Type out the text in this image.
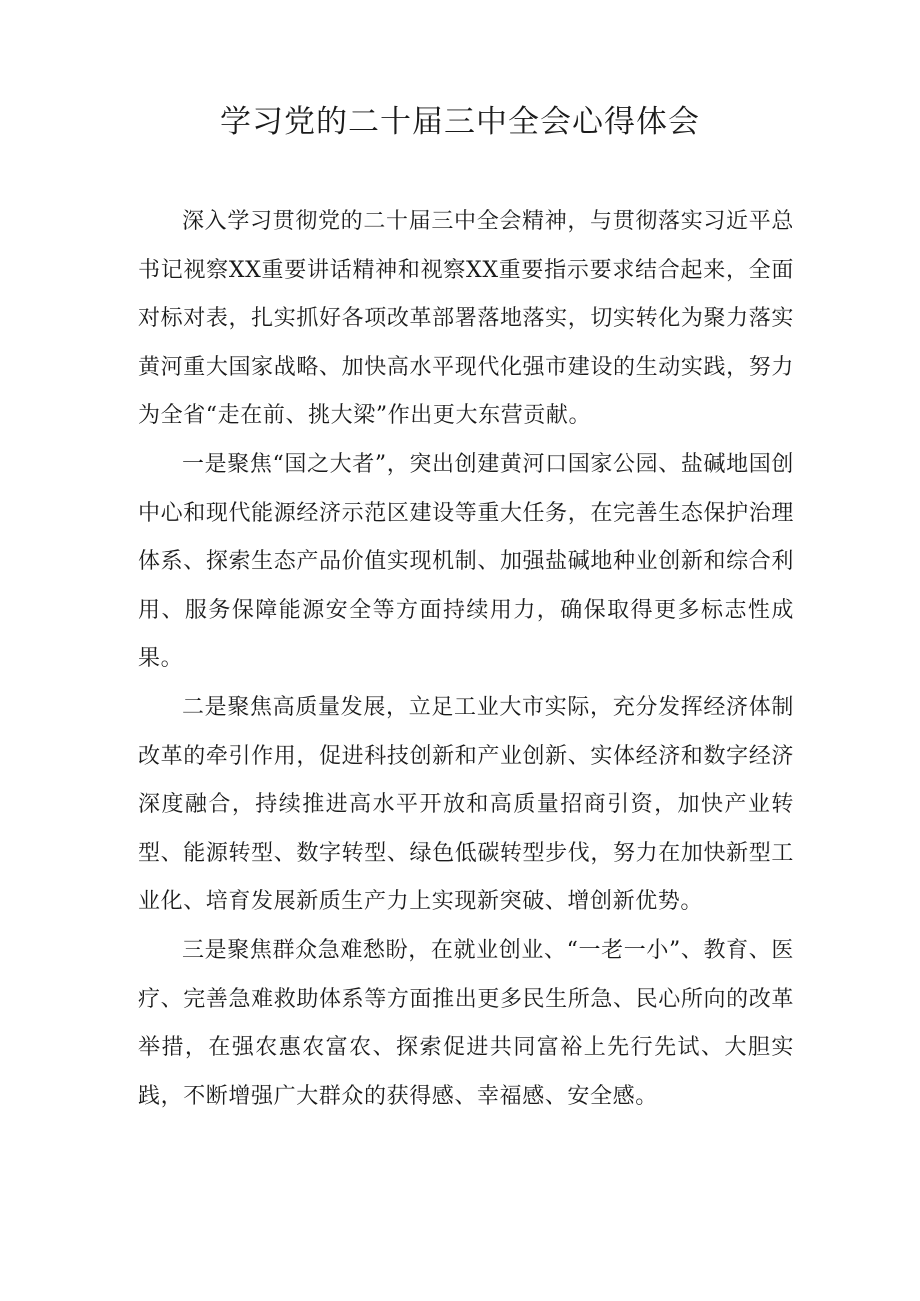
学习党的二十届三中全会心得体会

深入学习贯彻党的二十届三中全会精神，与贯彻落实习近平总书记视察XX重要讲话精神和视察XX重要指示要求结合起来，全面对标对表，扎实抓好各项改革部署落地落实，切实转化为聚力落实黄河重大国家战略、加快高水平现代化强市建设的生动实践，努力为全省“走在前、挑大梁”作出更大东营贡献。

一是聚焦“国之大者”，突出创建黄河口国家公园、盐碱地国创中心和现代能源经济示范区建设等重大任务，在完善生态保护治理体系、探索生态产品价值实现机制、加强盐碱地种业创新和综合利用、服务保障能源安全等方面持续用力，确保取得更多标志性成果。

二是聚焦高质量发展，立足工业大市实际，充分发挥经济体制改革的牵引作用，促进科技创新和产业创新、实体经济和数字经济深度融合，持续推进高水平开放和高质量招商引资，加快产业转型、能源转型、数字转型、绿色低碳转型步伐，努力在加快新型工业化、培育发展新质生产力上实现新突破、增创新优势。

三是聚焦群众急难愁盼，在就业创业、“一老一小”、教育、医疗、完善急难救助体系等方面推出更多民生所急、民心所向的改革举措，在强农惠农富农、探索促进共同富裕上先行先试、大胆实践，不断增强广大群众的获得感、幸福感、安全感。
